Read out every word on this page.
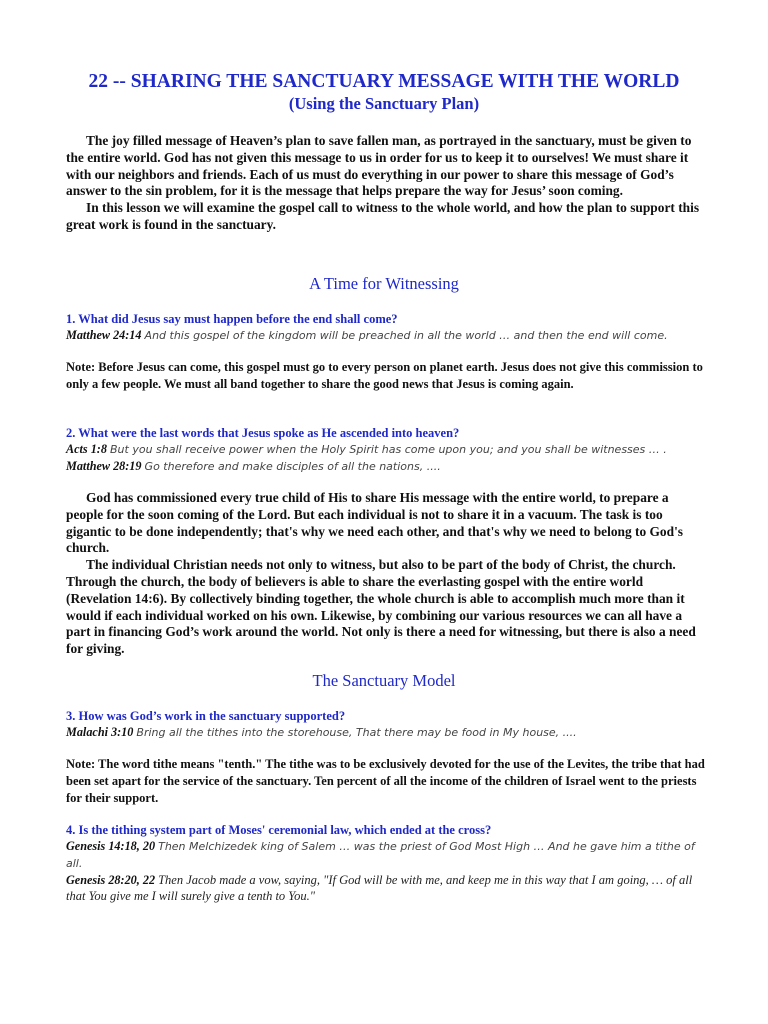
22 -- SHARING THE SANCTUARY MESSAGE WITH THE WORLD
(Using the Sanctuary Plan)

The joy filled message of Heaven’s plan to save fallen man, as portrayed in the sanctuary, must be given to the entire world. God has not given this message to us in order for us to keep it to ourselves! We must share it with our neighbors and friends. Each of us must do everything in our power to share this message of God’s answer to the sin problem, for it is the message that helps prepare the way for Jesus’ soon coming.

In this lesson we will examine the gospel call to witness to the whole world, and how the plan to support this great work is found in the sanctuary.

A Time for Witnessing

1. What did Jesus say must happen before the end shall come?

Matthew 24:14 And this gospel of the kingdom will be preached in all the world … and then the end will come.

Note: Before Jesus can come, this gospel must go to every person on planet earth. Jesus does not give this commission to only a few people. We must all band together to share the good news that Jesus is coming again.

2. What were the last words that Jesus spoke as He ascended into heaven?

Acts 1:8 But you shall receive power when the Holy Spirit has come upon you; and you shall be witnesses … .

Matthew 28:19 Go therefore and make disciples of all the nations, ....

God has commissioned every true child of His to share His message with the entire world, to prepare a people for the soon coming of the Lord. But each individual is not to share it in a vacuum. The task is too gigantic to be done independently; that's why we need each other, and that's why we need to belong to God's church.

The individual Christian needs not only to witness, but also to be part of the body of Christ, the church. Through the church, the body of believers is able to share the everlasting gospel with the entire world (Revelation 14:6). By collectively binding together, the whole church is able to accomplish much more than it would if each individual worked on his own. Likewise, by combining our various resources we can all have a part in financing God’s work around the world. Not only is there a need for witnessing, but there is also a need for giving.

The Sanctuary Model

3. How was God’s work in the sanctuary supported?

Malachi 3:10 Bring all the tithes into the storehouse, That there may be food in My house, ....

Note: The word tithe means "tenth." The tithe was to be exclusively devoted for the use of the Levites, the tribe that had been set apart for the service of the sanctuary. Ten percent of all the income of the children of Israel went to the priests for their support.

4. Is the tithing system part of Moses' ceremonial law, which ended at the cross?

Genesis 14:18, 20 Then Melchizedek king of Salem … was the priest of God Most High … And he gave him a tithe of all.

Genesis 28:20, 22 Then Jacob made a vow, saying, "If God will be with me, and keep me in this way that I am going, … of all that You give me I will surely give a tenth to You."
